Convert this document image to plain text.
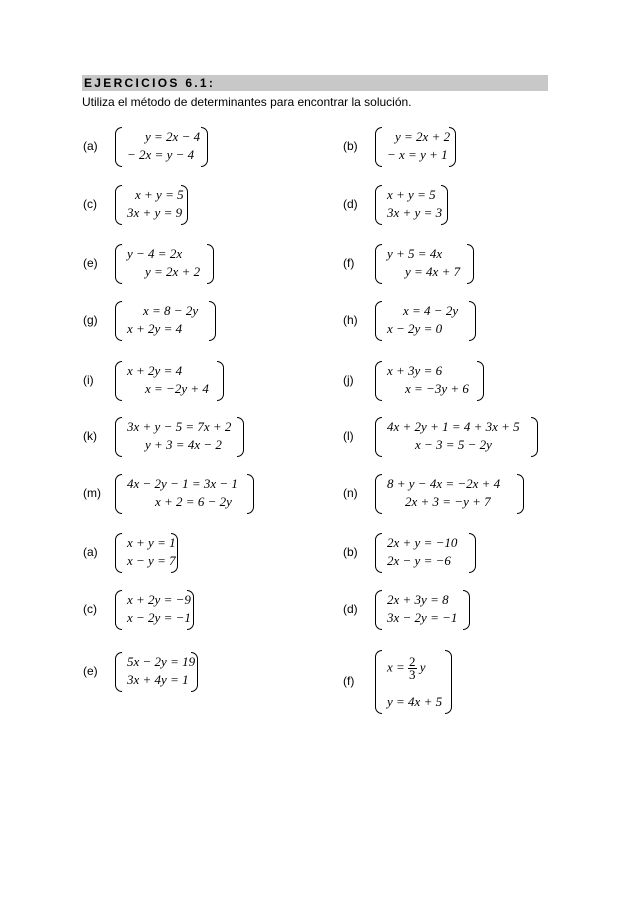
EJERCICIOS 6.1:
Utiliza el método de determinantes para encontrar la solución.
(a)
y = 2x − 4
− 2x = y − 4
(b)
y = 2x + 2
− x = y + 1
(c)
x + y = 5
3x + y = 9
(d)
x + y = 5
3x + y = 3
(e)
y − 4 = 2x
y = 2x + 2
(f)
y + 5 = 4x
y = 4x + 7
(g)
x = 8 − 2y
x + 2y = 4
(h)
x = 4 − 2y
x − 2y = 0
(i)
x + 2y = 4
x = −2y + 4
(j)
x + 3y = 6
x = −3y + 6
(k)
3x + y − 5 = 7x + 2
y + 3 = 4x − 2
(l)
4x + 2y + 1 = 4 + 3x + 5
x − 3 = 5 − 2y
(m)
4x − 2y − 1 = 3x − 1
x + 2 = 6 − 2y
(n)
8 + y − 4x = −2x + 4
2x + 3 = −y + 7
(a)
x + y = 1
x − y = 7
(b)
2x + y = −10
2x − y = −6
(c)
x + 2y = −9
x − 2y = −1
(d)
2x + 3y = 8
3x − 2y = −1
(e)
5x − 2y = 19
3x + 4y = 1	(f)
$x = \frac{2}{3}$ y
y = 4x + 5
